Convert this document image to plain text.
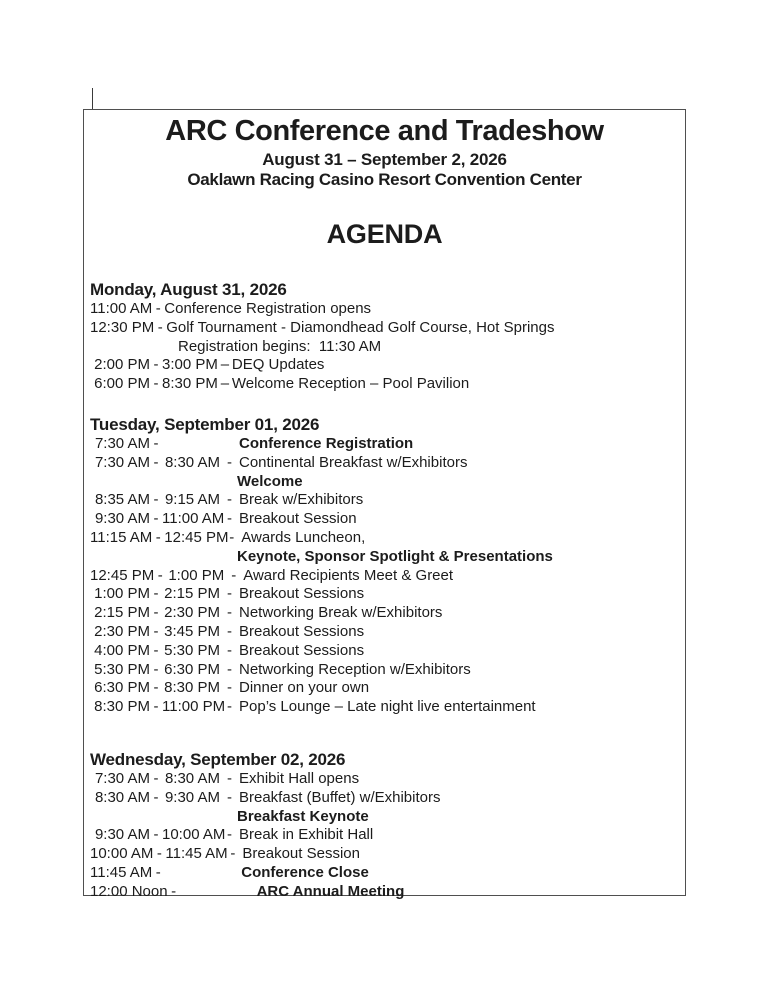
ARC Conference and Tradeshow
August 31 – September 2, 2026
Oaklawn Racing Casino Resort Convention Center
AGENDA
Monday, August 31, 2026
11:00 AM - Conference Registration opens
12:30 PM - Golf Tournament - Diamondhead Golf Course, Hot Springs
Registration begins:  11:30 AM
2:00 PM - 3:00 PM – DEQ Updates
6:00 PM - 8:30 PM – Welcome Reception – Pool Pavilion
Tuesday, September 01, 2026
7:30 AM -	Conference Registration
7:30 AM - 8:30 AM - Continental Breakfast w/Exhibitors
Welcome
8:35 AM - 9:15 AM - Break w/Exhibitors
9:30 AM - 11:00 AM - Breakout Session
11:15 AM - 12:45 PM - Awards Luncheon,
Keynote, Sponsor Spotlight & Presentations
12:45 PM - 1:00 PM - Award Recipients Meet & Greet
1:00 PM - 2:15 PM - Breakout Sessions
2:15 PM - 2:30 PM - Networking Break w/Exhibitors
2:30 PM - 3:45 PM - Breakout Sessions
4:00 PM - 5:30 PM - Breakout Sessions
5:30 PM - 6:30 PM - Networking Reception w/Exhibitors
6:30 PM - 8:30 PM - Dinner on your own
8:30 PM - 11:00 PM - Pop’s Lounge – Late night live entertainment
Wednesday, September 02, 2026
7:30 AM - 8:30 AM - Exhibit Hall opens
8:30 AM - 9:30 AM - Breakfast (Buffet) w/Exhibitors
Breakfast Keynote
9:30 AM - 10:00 AM - Break in Exhibit Hall
10:00 AM - 11:45 AM - Breakout Session
11:45 AM -	Conference Close
12:00 Noon -	ARC Annual Meeting
